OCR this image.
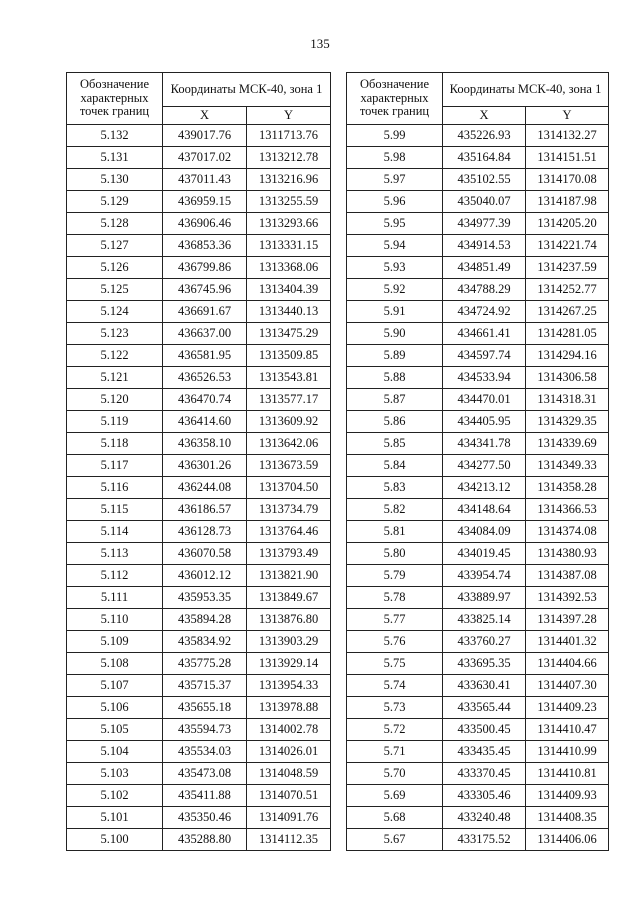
135
Обозначение характерных точек границ	Координаты МСК-40, зона 1	
	X	Y
5.132	439017.76	1311713.76
5.131	437017.02	1313212.78
5.130	437011.43	1313216.96
5.129	436959.15	1313255.59
5.128	436906.46	1313293.66
5.127	436853.36	1313331.15
5.126	436799.86	1313368.06
5.125	436745.96	1313404.39
5.124	436691.67	1313440.13
5.123	436637.00	1313475.29
5.122	436581.95	1313509.85
5.121	436526.53	1313543.81
5.120	436470.74	1313577.17
5.119	436414.60	1313609.92
5.118	436358.10	1313642.06
5.117	436301.26	1313673.59
5.116	436244.08	1313704.50
5.115	436186.57	1313734.79
5.114	436128.73	1313764.46
5.113	436070.58	1313793.49
5.112	436012.12	1313821.90
5.111	435953.35	1313849.67
5.110	435894.28	1313876.80
5.109	435834.92	1313903.29
5.108	435775.28	1313929.14
5.107	435715.37	1313954.33
5.106	435655.18	1313978.88
5.105	435594.73	1314002.78
5.104	435534.03	1314026.01
5.103	435473.08	1314048.59
5.102	435411.88	1314070.51
5.101	435350.46	1314091.76
5.100	435288.80	1314112.35
Обозначение характерных точек границ	Координаты МСК-40, зона 1	
	X	Y
5.99	435226.93	1314132.27
5.98	435164.84	1314151.51
5.97	435102.55	1314170.08
5.96	435040.07	1314187.98
5.95	434977.39	1314205.20
5.94	434914.53	1314221.74
5.93	434851.49	1314237.59
5.92	434788.29	1314252.77
5.91	434724.92	1314267.25
5.90	434661.41	1314281.05
5.89	434597.74	1314294.16
5.88	434533.94	1314306.58
5.87	434470.01	1314318.31
5.86	434405.95	1314329.35
5.85	434341.78	1314339.69
5.84	434277.50	1314349.33
5.83	434213.12	1314358.28
5.82	434148.64	1314366.53
5.81	434084.09	1314374.08
5.80	434019.45	1314380.93
5.79	433954.74	1314387.08
5.78	433889.97	1314392.53
5.77	433825.14	1314397.28
5.76	433760.27	1314401.32
5.75	433695.35	1314404.66
5.74	433630.41	1314407.30
5.73	433565.44	1314409.23
5.72	433500.45	1314410.47
5.71	433435.45	1314410.99
5.70	433370.45	1314410.81
5.69	433305.46	1314409.93
5.68	433240.48	1314408.35
5.67	433175.52	1314406.06
